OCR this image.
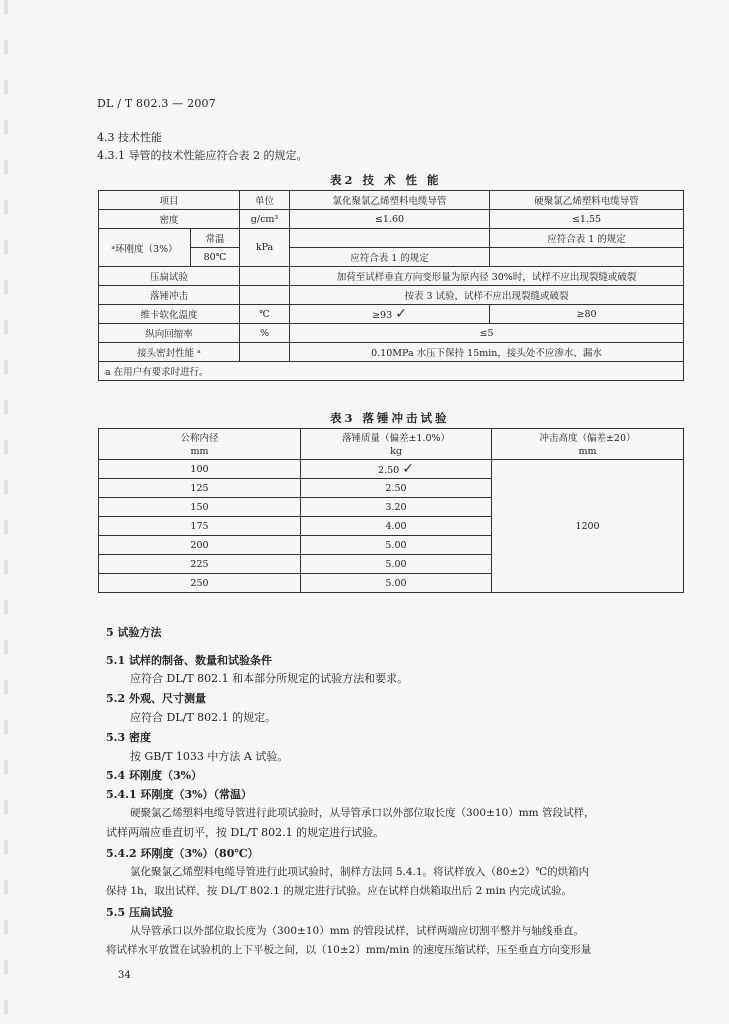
DL / T 802.3 — 2007
4.3 技术性能
4.3.1 导管的技术性能应符合表 2 的规定。
表2 技 术 性 能
项目		单位	氯化聚氯乙烯塑料电缆导管	硬聚氯乙烯塑料电缆导管
密度		g/cm³	≤1.60	≤1.55
ᵃ环刚度（3%）	常温	kPa		应符合表 1 的规定
	80℃		应符合表 1 的规定	
压扁试验			加荷至试样垂直方向变形量为原内径 30%时，试样不应出现裂缝或破裂	
落锤冲击			按表 3 试验，试样不应出现裂缝或破裂	
维卡软化温度		℃	≥93 ✓	≥80
纵向回缩率		%	≤5	
接头密封性能 ᵃ			0.10MPa 水压下保持 15min，接头处不应渗水、漏水	
a 在用户有要求时进行。				
表3 落锤冲击试验
公称内径	落锤质量（偏差±1.0%）	冲击高度（偏差±20）
mm	kg	mm
100	2.50 ✓	1200
125	2.50	
150	3.20	
175	4.00	
200	5.00	
225	5.00	
250	5.00	
5 试验方法
5.1 试样的制备、数量和试验条件
应符合 DL/T 802.1 和本部分所规定的试验方法和要求。
5.2 外观、尺寸测量
应符合 DL/T 802.1 的规定。
5.3 密度
按 GB/T 1033 中方法 A 试验。
5.4 环刚度（3%）
5.4.1 环刚度（3%）（常温）
硬聚氯乙烯塑料电缆导管进行此项试验时，从导管承口以外部位取长度（300±10）mm 管段试样，
试样两端应垂直切平，按 DL/T 802.1 的规定进行试验。
5.4.2 环刚度（3%）（80℃）
氯化聚氯乙烯塑料电缆导管进行此项试验时，制样方法同 5.4.1。将试样放入（80±2）℃的烘箱内
保持 1h，取出试样，按 DL/T 802.1 的规定进行试验。应在试样自烘箱取出后 2 min 内完成试验。
5.5 压扁试验
从导管承口以外部位取长度为（300±10）mm 的管段试样，试样两端应切割平整并与轴线垂直。
将试样水平放置在试验机的上下平板之间，以（10±2）mm/min 的速度压缩试样，压至垂直方向变形量
34
